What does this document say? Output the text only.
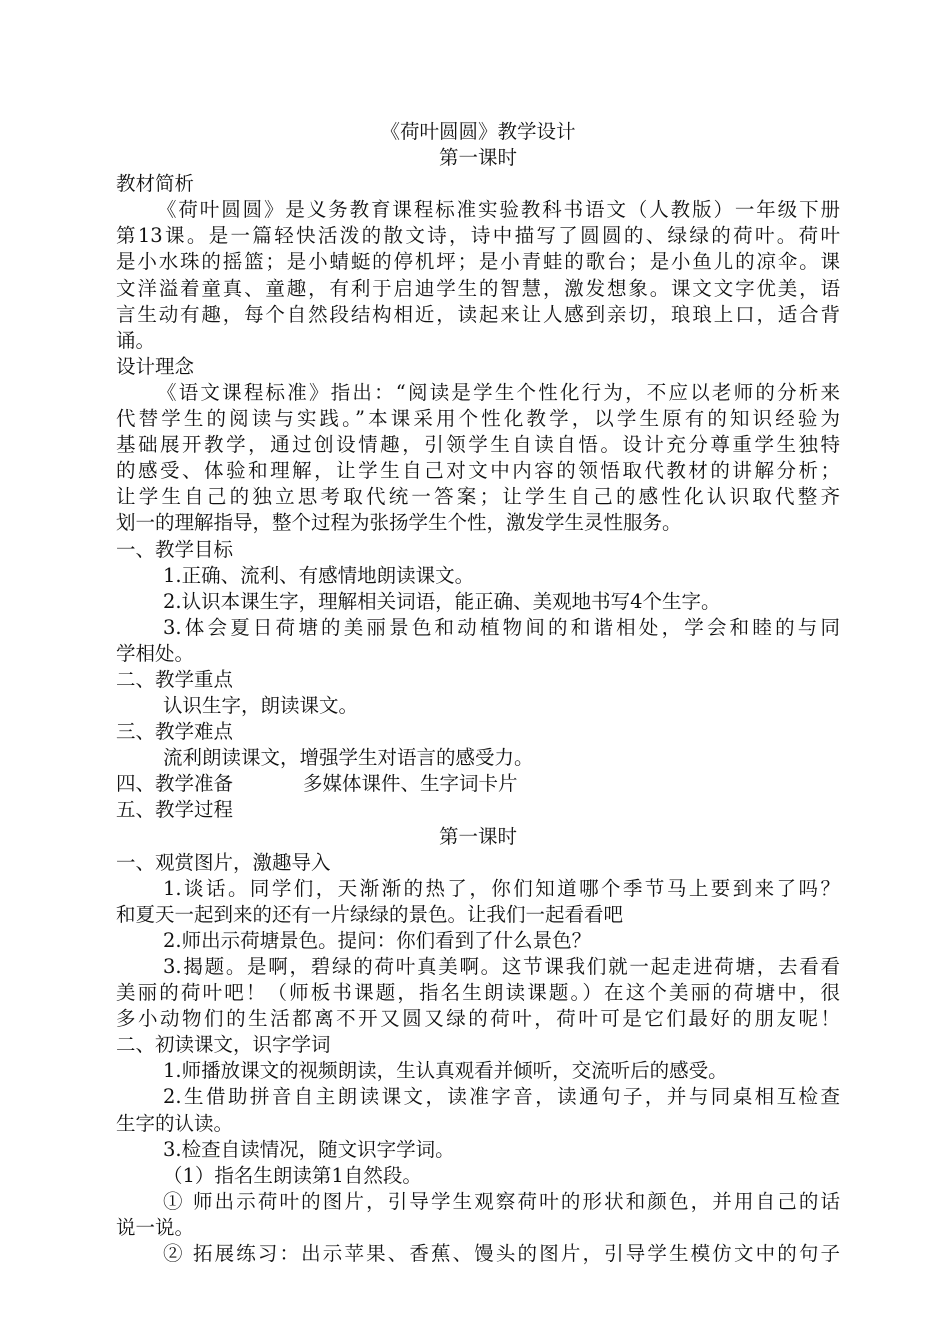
《荷叶圆圆》教学设计
第一课时
教材简析
《荷叶圆圆》是义务教育课程标准实验教科书语文（人教版）一年级下册
第13课。是一篇轻快活泼的散文诗，诗中描写了圆圆的、绿绿的荷叶。荷叶
是小水珠的摇篮；是小蜻蜓的停机坪；是小青蛙的歌台；是小鱼儿的凉伞。课
文洋溢着童真、童趣，有利于启迪学生的智慧，激发想象。课文文字优美，语
言生动有趣，每个自然段结构相近，读起来让人感到亲切，琅琅上口，适合背
诵。
设计理念
《语文课程标准》指出：“阅读是学生个性化行为，不应以老师的分析来
代替学生的阅读与实践。”本课采用个性化教学，以学生原有的知识经验为
基础展开教学，通过创设情趣，引领学生自读自悟。设计充分尊重学生独特
的感受、体验和理解，让学生自己对文中内容的领悟取代教材的讲解分析；
让学生自己的独立思考取代统一答案；让学生自己的感性化认识取代整齐
划一的理解指导，整个过程为张扬学生个性，激发学生灵性服务。
一、教学目标
1.正确、流利、有感情地朗读课文。
2.认识本课生字，理解相关词语，能正确、美观地书写4个生字。
3.体会夏日荷塘的美丽景色和动植物间的和谐相处，学会和睦的与同
学相处。
二、教学重点
认识生字，朗读课文。
三、教学难点
流利朗读课文，增强学生对语言的感受力。
四、教学准备	多媒体课件、生字词卡片
五、教学过程
第一课时
一、观赏图片，激趣导入
1.谈话。同学们，天渐渐的热了，你们知道哪个季节马上要到来了吗？
和夏天一起到来的还有一片绿绿的景色。让我们一起看看吧
2.师出示荷塘景色。提问：你们看到了什么景色？
3.揭题。是啊，碧绿的荷叶真美啊。这节课我们就一起走进荷塘，去看看
美丽的荷叶吧！（师板书课题，指名生朗读课题。）在这个美丽的荷塘中，很
多小动物们的生活都离不开又圆又绿的荷叶，荷叶可是它们最好的朋友呢！
二、初读课文，识字学词
1.师播放课文的视频朗读，生认真观看并倾听，交流听后的感受。
2.生借助拼音自主朗读课文，读准字音，读通句子，并与同桌相互检查
生字的认读。
3.检查自读情况，随文识字学词。
（1）指名生朗读第1自然段。
① 师出示荷叶的图片，引导学生观察荷叶的形状和颜色，并用自己的话
说一说。
② 拓展练习：出示苹果、香蕉、馒头的图片，引导学生模仿文中的句子
